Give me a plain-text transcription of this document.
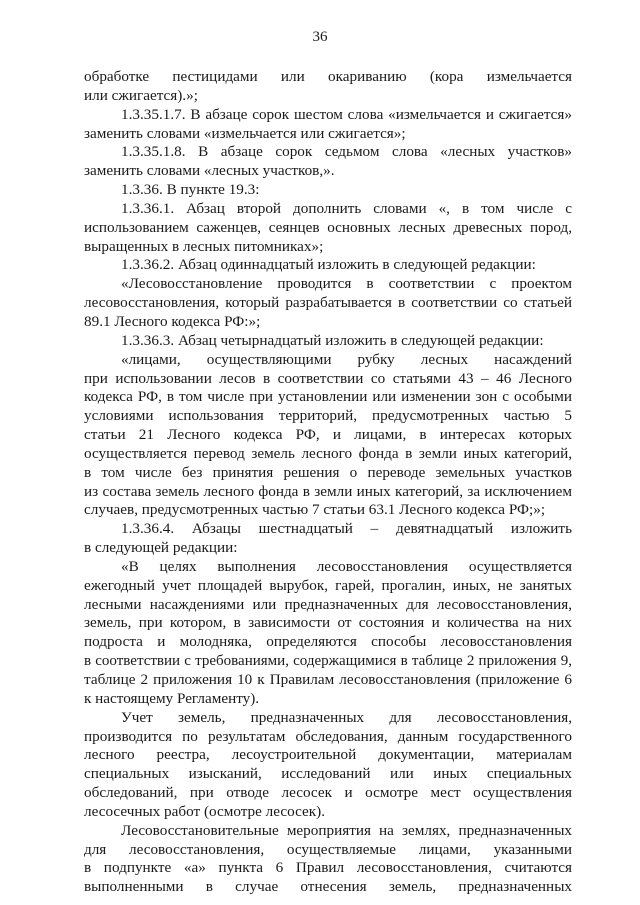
36
обработке пестицидами или окариванию (кора измельчается
или сжигается).»;
1.3.35.1.7. В абзаце сорок шестом слова «измельчается и сжигается»
заменить словами «измельчается или сжигается»;
1.3.35.1.8. В абзаце сорок седьмом слова «лесных участков»
заменить словами «лесных участков,».
1.3.36. В пункте 19.3:
1.3.36.1. Абзац второй дополнить словами «, в том числе с
использованием саженцев, сеянцев основных лесных древесных пород,
выращенных в лесных питомниках»;
1.3.36.2. Абзац одиннадцатый изложить в следующей редакции:
«Лесовосстановление проводится в соответствии с проектом
лесовосстановления, который разрабатывается в соответствии со статьей
89.1 Лесного кодекса РФ:»;
1.3.36.3. Абзац четырнадцатый изложить в следующей редакции:
«лицами, осуществляющими рубку лесных насаждений
при использовании лесов в соответствии со статьями 43 – 46 Лесного
кодекса РФ, в том числе при установлении или изменении зон с особыми
условиями использования территорий, предусмотренных частью 5
статьи 21 Лесного кодекса РФ, и лицами, в интересах которых
осуществляется перевод земель лесного фонда в земли иных категорий,
в том числе без принятия решения о переводе земельных участков
из состава земель лесного фонда в земли иных категорий, за исключением
случаев, предусмотренных частью 7 статьи 63.1 Лесного кодекса РФ;»;
1.3.36.4. Абзацы шестнадцатый – девятнадцатый изложить
в следующей редакции:
«В целях выполнения лесовосстановления осуществляется
ежегодный учет площадей вырубок, гарей, прогалин, иных, не занятых
лесными насаждениями или предназначенных для лесовосстановления,
земель, при котором, в зависимости от состояния и количества на них
подроста и молодняка, определяются способы лесовосстановления
в соответствии с требованиями, содержащимися в таблице 2 приложения 9,
таблице 2 приложения 10 к Правилам лесовосстановления (приложение 6
к настоящему Регламенту).
Учет земель, предназначенных для лесовосстановления,
производится по результатам обследования, данным государственного
лесного реестра, лесоустроительной документации, материалам
специальных изысканий, исследований или иных специальных
обследований, при отводе лесосек и осмотре мест осуществления
лесосечных работ (осмотре лесосек).
Лесовосстановительные мероприятия на землях, предназначенных
для лесовосстановления, осуществляемые лицами, указанными
в подпункте «а» пункта 6 Правил лесовосстановления, считаются
выполненными в случае отнесения земель, предназначенных
